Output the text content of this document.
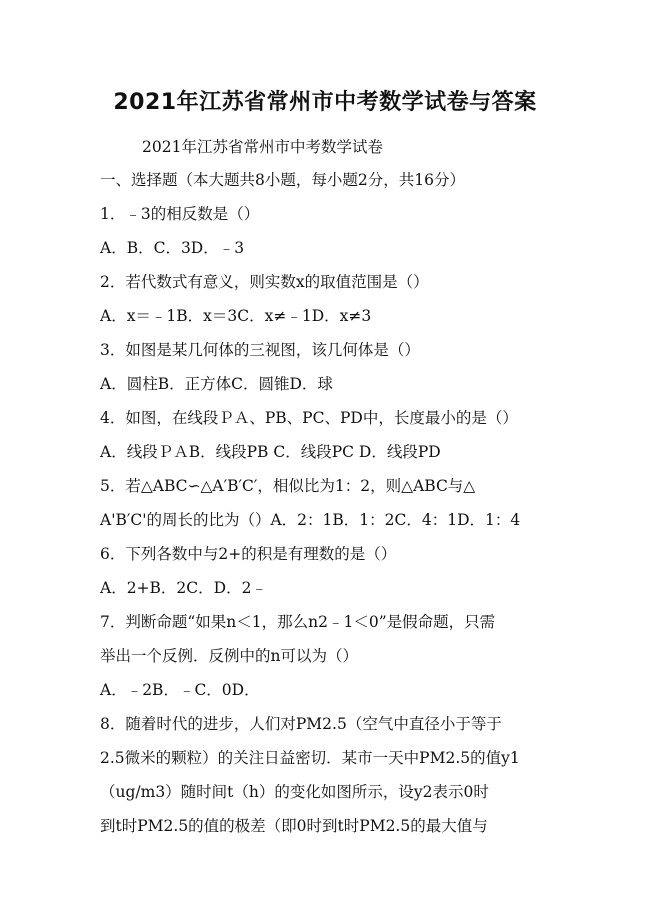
2021年江苏省常州市中考数学试卷与答案
2021年江苏省常州市中考数学试卷
一、选择题（本大题共8小题，每小题2分，共16分）
1．﹣3的相反数是（）
A．B．C．3D．﹣3
2．若代数式有意义，则实数x的取值范围是（）
A．x＝﹣1B．x＝3C．x≠﹣1D．x≠3
3．如图是某几何体的三视图，该几何体是（）
A．圆柱B．正方体C．圆锥D．球
4．如图，在线段ＰＡ、PB、PC、PD中，长度最小的是（）
A．线段ＰＡB．线段PB C．线段PC D．线段PD
5．若△ABC∽△A′B′C′，相似比为1：2，则△ABC与△
A'B′C'的周长的比为（）A．2：1B．1：2C．4：1D．1：4
6．下列各数中与2+的积是有理数的是（）
A．2+B．2C．D．2﹣
7．判断命题“如果n＜1，那么n2﹣1＜0”是假命题，只需
举出一个反例．反例中的n可以为（）
A．﹣2B．﹣C．0D．
8．随着时代的进步，人们对PM2.5（空气中直径小于等于
2.5微米的颗粒）的关注日益密切．某市一天中PM2.5的值y1
（ug/m3）随时间t（h）的变化如图所示，设y2表示0时
到t时PM2.5的值的极差（即0时到t时PM2.5的最大值与
